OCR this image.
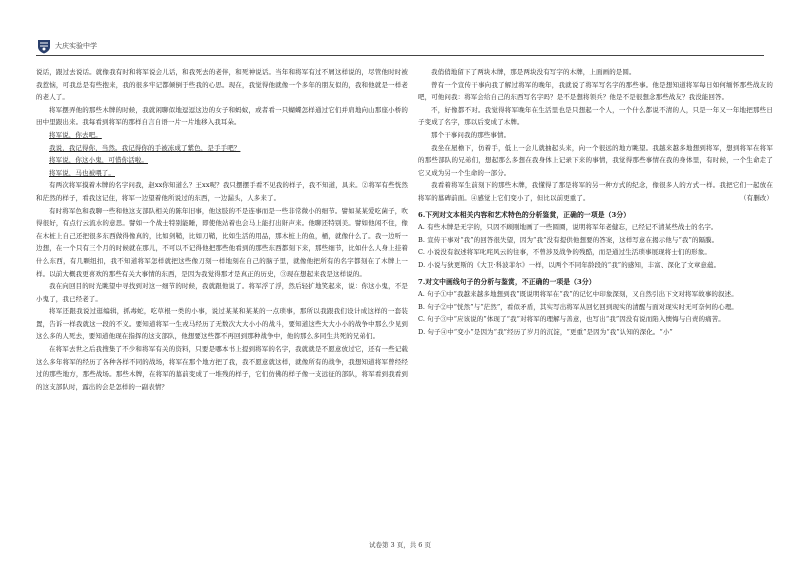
大庆实验中学

说话，跟过去说话。就像我有时和将军说会儿话，和我死去的老伴，和死神说话。当年和将军有过不屑这样说的，尽管他时时被我惹恼，可我总是有些抱来，我的很多牢记都倾倒于些我的心思。现在，我觉得他就像一个多年的朋友似的，我和他就是一样老的老人了。

将军摆弄他的那些木牌的时候，我就闲聊似地逗逗这边的女子和蚂蚁，或者看一只蝴蝶怎样通过它们并肩地向山那座小桥的田中里跟出来。我每看到将军的那样自言自语一片一片地移入我耳朵。

将军说，你去吧。

我说，我记得你，当然。我记得你的手被冻成了紫色，是手手吧？

将军说，你这小鬼，可惜你活啦。

将军说，马也被喂了。

有两次将军摸着木牌的名字问我，赵xx你知道么？王xx呢？我只摆摆手看不见我的样子，我不知道，具来。②将军有些恍然和茫然的样子，看我这记住，将军一边望着他所说过的东西，一边漏头，人多来了。

有时将军色和我聊一些和他这支部队相关的陈年旧事，他这肢的不是连事而是一些非常微小的细节。譬如某某爱吃菌子，吹得很好，有点行云流水的意思。譬如一个战士特别能睡，即使他站着也会马上能打出鼾声来。他聊还特别美。譬如他闲不住，像在木桩上自己还把很多东西做得像真的，比如剑鞘，比如刀鞘，比如生活的用品，那木桩上的鱼，桶，就像什么了。我一边听一边想，在一个只有三个月的时候就在那儿，不可以不记得他把那些他看到的那些东西都刻下来，那些细节，比如什么人身上挂着什么东西，有几颗纽扣，我不知道将军怎样就把这些像刀刻一样地刻在自己的脑子里，就像他把所有的名字都刻在了木牌上一样。以前大概我更喜欢的那些有关大事情的东西，是因为我觉得那才是真正的历史，③现在想起来我是这样说的。

我在向回目的时光眺望中寻找到对这一细节的时候，我就跟他说了。将军浮了浮，然后轻扩地笑起来，说：你这小鬼，不是小鬼了，我已经老了。

将军还跟我说过逛编辑，抓毒蛇，吃草根一类的小事，说过某某和某某的一点琐事，那所以我跟我们设计成这样的一套装置，告诉一样我就这一段的不义。要知道将军一生戎马经历了无数次大大小小的战斗，要知道这些大大小小的战争中那么少见到这么多的人死去，要知道他现在指挥的这支部队，他想要这些都不再回到那种战争中，他的那么多同生共死的兄弟们。

在将军去世之后我搜集了不少和将军有关的资料，只要是哪本书上提到将军的名字，我就就是不愿意放过它，还有一些记载这么多年将军的经历了各种各样不同的战场，将军在那个地方把了我，我不愿意就这样，就像所有的战争，我想知道将军曾经经过的那些地方，那些战场。那些木牌，在将军的墓前变成了一堆残的样子，它们仿佛的样子像一支远征的部队，将军看到我看到的这支部队时，露出的会是怎样的一副表情？

我俏俏地留下了两块木牌，那是两块没有写字的木牌，上面画的是圆。

曾有一个宣传干事向我了解过将军的晚年，我就说了将军写名字的那些事。他是想知道将军每日如何缅怀那些战友的吧，可他问我：将军会给自己的东西写名字吗？是不是想将领兵？他是不是很想念那些战友？我没能回答。

不，好像都不对。我觉得将军晚年在生活里也是只想起一个人，一个什么都说不清的人，只是一年又一年地把那些日子变成了名字，那以后变成了木牌。

那个干事问我的那些事情。

我坐在屋檐下，仿着手，低上一会儿就抽起头来，向一个很远的地方眺望。我越来越多地想到将军，想到将军在将军的那些部队的兄弟们，想起那么多想在我身体上记录下来的事情，我觉得那些事情在我的身体里，有时候，一个生命走了它又成为另一个生命的一部分。

我看着将军生前刻下的那些木牌，我懂得了那是将军的另一种方式的纪念，像很多人的方式一样。我把它们一起放在将军的墓碑前面。④感觉上它们变小了，但比以前更重了。	（有删改）

6.下列对文本相关内容和艺术特色的分析鉴赏，正确的一项是（3分）

A. 有些木牌是无字的，只因不顾刚地画了一些圆圈，说明将军年老健忘，已经记不清某些战士的名字。

B. 宣传干事对“我”的回答很失望，因为“我”没有提供他想要的答案，这样写意在揭示他与“我”的隔膜。

C. 小说没有叙述将军叱咤风云的往事，不曾涉及战争的残酷，而是通过生活琐事展现将士们的形象。

D. 小说与狄更斯的《大卫·科波菲尔》一样，以两个不同年龄段的“我”的感知，丰富、深化了文章意蕴。

7.对文中画线句子的分析与鉴赏，不正确的一项是（3分）

A. 句子①中“我越来越多地想到我”既说明将军在“我”的记忆中印象深刻，又自然引出下文对将军故事的叙述。

B. 句子②中“恍然”与“茫然”，看似矛盾，其实写出将军从回忆回到现实的清醒与面对现实时无可奈何的心理。

C. 句子③中“应该说的”体现了“我”对将军的理解与善意，也写出“我”因没有说而陷入懊悔与自责的痛苦。

D. 句子④中“变小”是因为“我”经历了岁月的沉淀，“更重”是因为“我”认知的深化。“小”

试卷第 3 页，共 6 页
